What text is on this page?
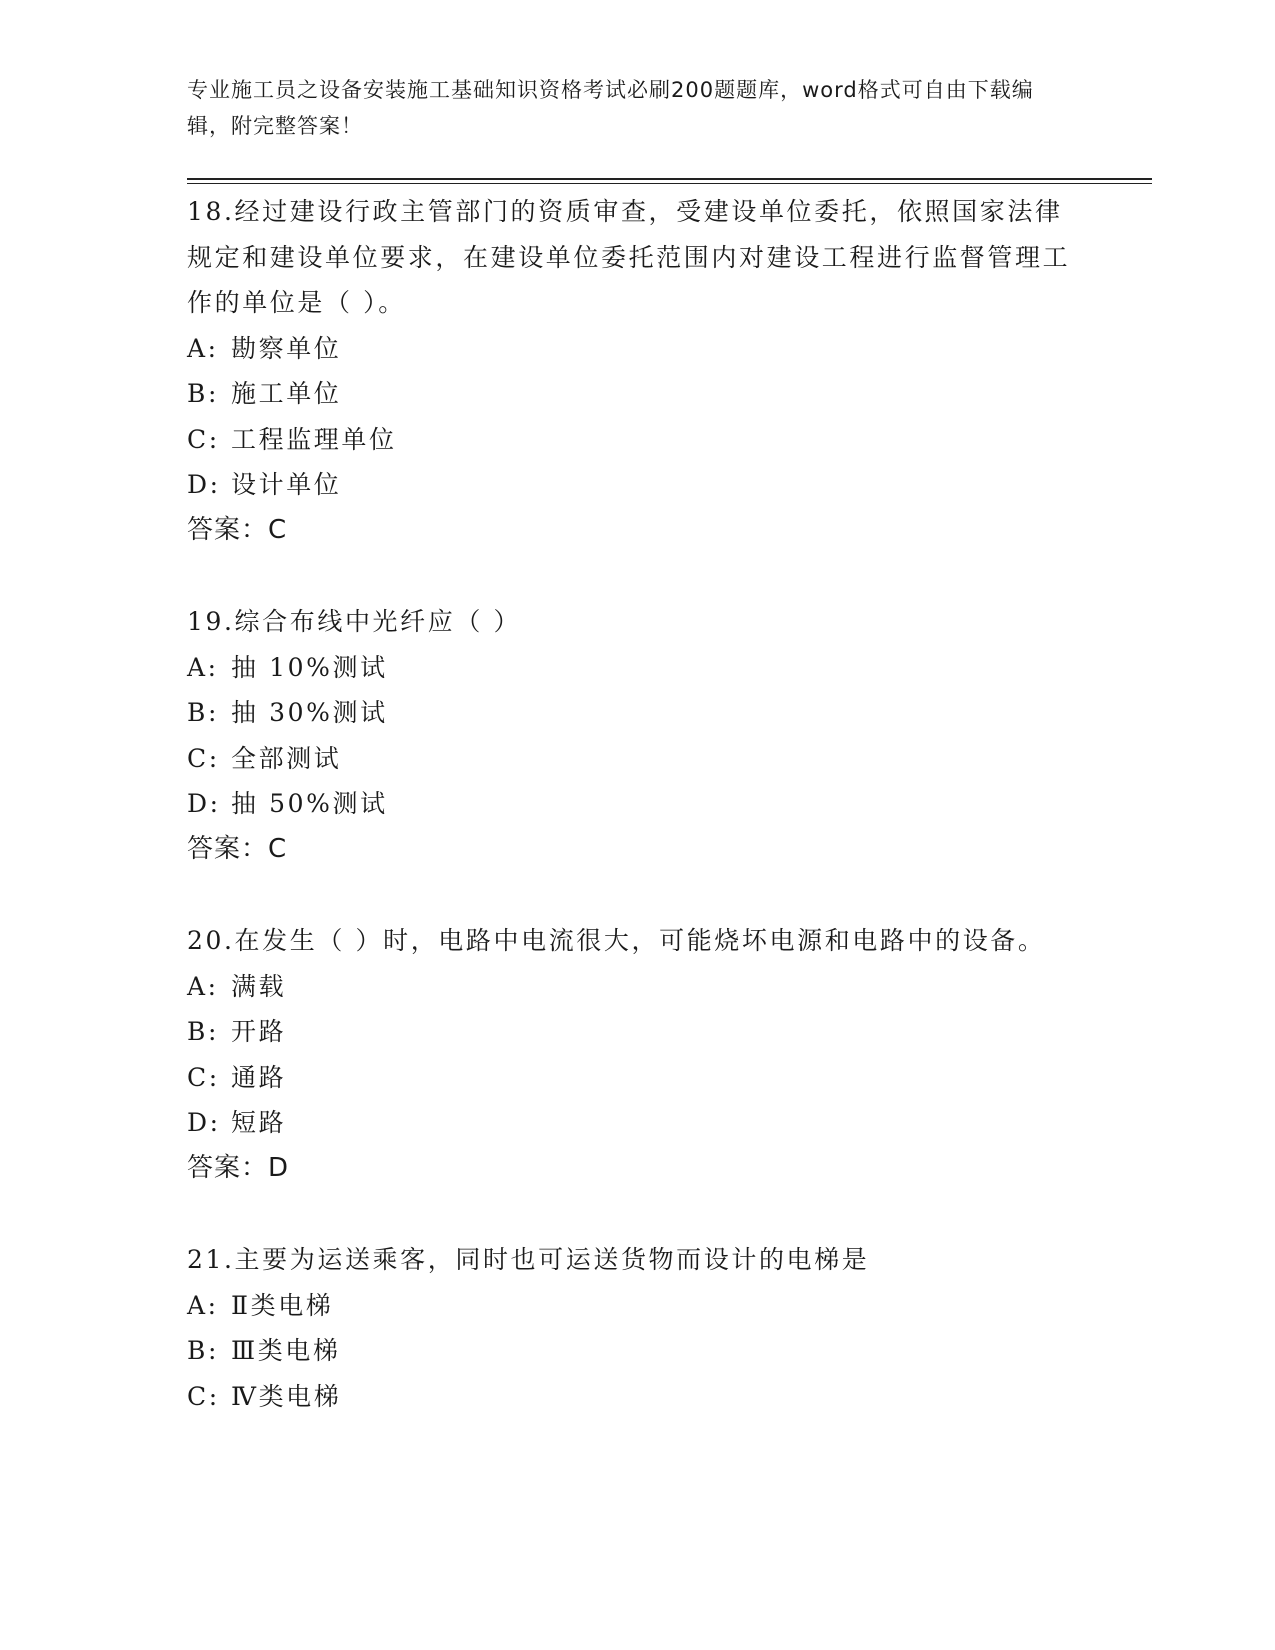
专业施工员之设备安装施工基础知识资格考试必刷200题题库，word格式可自由下载编辑，附完整答案！

18.经过建设行政主管部门的资质审查，受建设单位委托，依照国家法律规定和建设单位要求，在建设单位委托范围内对建设工程进行监督管理工作的单位是（ ）。

A: 勘察单位

B: 施工单位

C: 工程监理单位

D: 设计单位

答案：C

19.综合布线中光纤应（ ）

A: 抽 10%测试

B: 抽 30%测试

C: 全部测试

D: 抽 50%测试

答案：C

20.在发生（ ）时，电路中电流很大，可能烧坏电源和电路中的设备。

A: 满载

B: 开路

C: 通路

D: 短路

答案：D

21.主要为运送乘客，同时也可运送货物而设计的电梯是

A: Ⅱ类电梯

B: Ⅲ类电梯

C: Ⅳ类电梯
